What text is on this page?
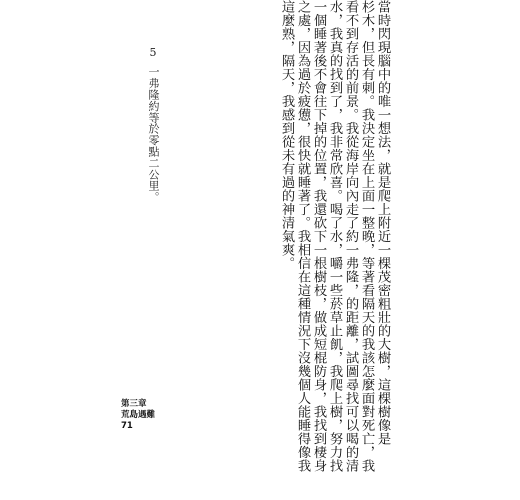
當時閃現腦中的唯一想法，就是爬上附近一棵茂密粗壯的大樹，這棵樹像是
杉木，但長有刺。我決定坐在上面一整晚，等著看隔天的我該怎麼面對死亡，我
看不到存活的前景。我從海岸向內走了約一弗隆，的距離，試圖尋找可以喝的清
水，我真的找到了，我非常欣喜。喝了水，嚼一些菸草止飢，我爬上樹，努力找
一個睡著後不會往下掉的位置，我還砍下一根樹枝，做成短棍防身，我找到棲身
之處，因為過於疲憊，很快就睡著了。我相信在這種情況下沒幾個人能睡得像我
這麼熟，隔天，我感到從未有過的神清氣爽。
5
一弗隆約等於零點二公里。
第三章
荒島遇難
71
